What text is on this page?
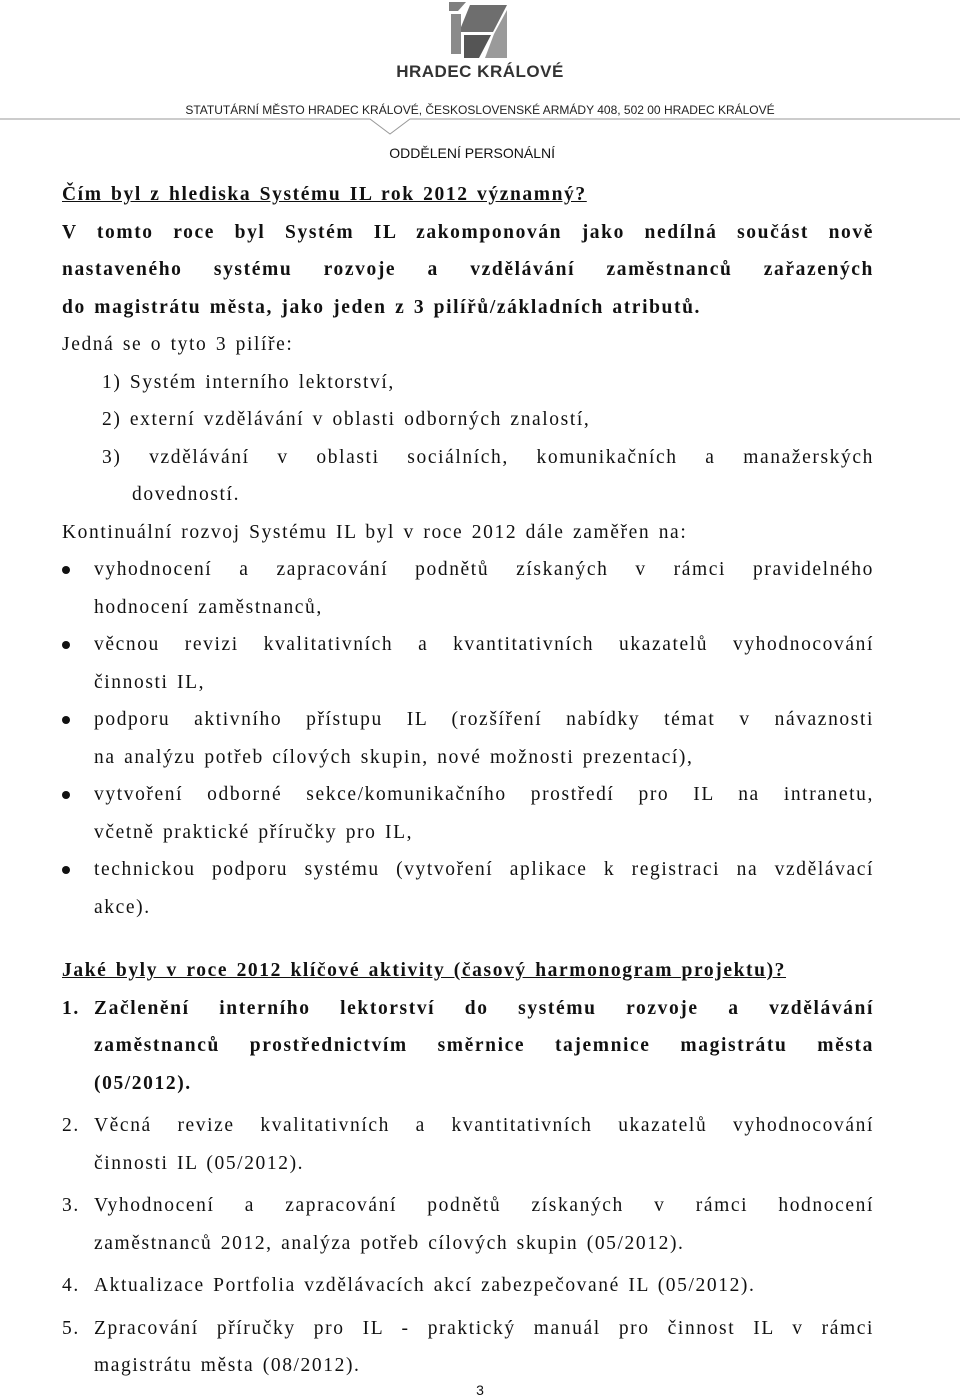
HRADEC KRÁLOVÉ
STATUTÁRNÍ MĚSTO HRADEC KRÁLOVÉ, ČESKOSLOVENSKÉ ARMÁDY 408, 502 00 HRADEC KRÁLOVÉ
ODDĚLENÍ PERSONÁLNÍ
Čím byl z hlediska Systému IL rok 2012 významný?
V tomto roce byl Systém IL zakomponován jako nedílná součást nově
nastaveného systému rozvoje a vzdělávání zaměstnanců zařazených
do magistrátu města, jako jeden z 3 pilířů/základních atributů.
Jedná se o tyto 3 pilíře:
1) Systém interního lektorství,
2) externí vzdělávání v oblasti odborných znalostí,
3) vzdělávání v oblasti sociálních, komunikačních a manažerských
dovedností.
Kontinuální rozvoj Systému IL byl v roce 2012 dále zaměřen na:
vyhodnocení a zapracování podnětů získaných v rámci pravidelného
hodnocení zaměstnanců,
věcnou revizi kvalitativních a kvantitativních ukazatelů vyhodnocování
činnosti IL,
podporu aktivního přístupu IL (rozšíření nabídky témat v návaznosti
na analýzu potřeb cílových skupin, nové možnosti prezentací),
vytvoření odborné sekce/komunikačního prostředí pro IL na intranetu,
včetně praktické příručky pro IL,
technickou podporu systému (vytvoření aplikace k registraci na vzdělávací
akce).
Jaké byly v roce 2012 klíčové aktivity (časový harmonogram projektu)?
1. Začlenění interního lektorství do systému rozvoje a vzdělávání
zaměstnanců prostřednictvím směrnice tajemnice magistrátu města
(05/2012).
2. Věcná revize kvalitativních a kvantitativních ukazatelů vyhodnocování
činnosti IL (05/2012).
3. Vyhodnocení a zapracování podnětů získaných v rámci hodnocení
zaměstnanců 2012, analýza potřeb cílových skupin (05/2012).
4. Aktualizace Portfolia vzdělávacích akcí zabezpečované IL (05/2012).
5. Zpracování příručky pro IL - praktický manuál pro činnost IL v rámci
magistrátu města (08/2012).
3
